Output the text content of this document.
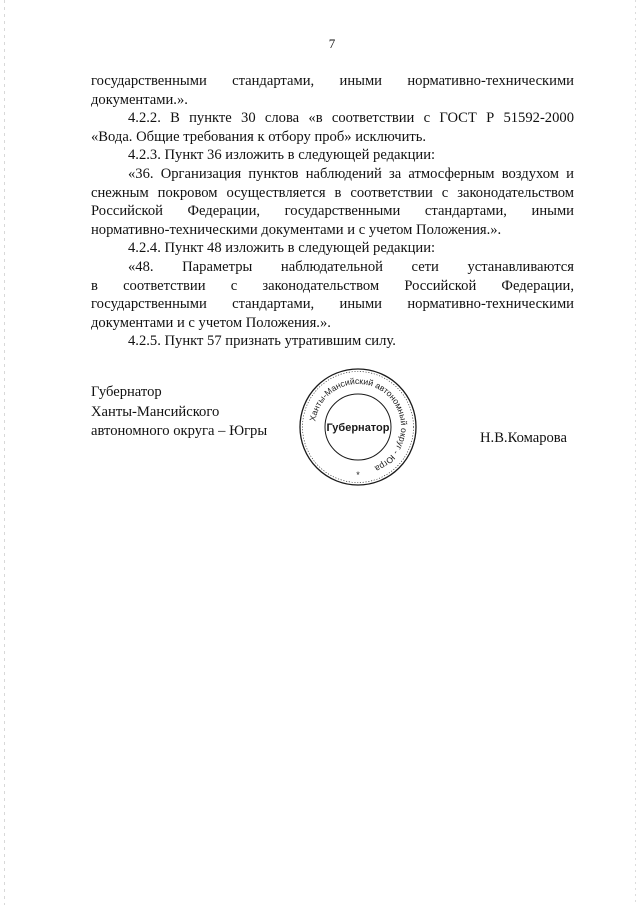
7
государственными стандартами, иными нормативно-техническими
документами.».
4.2.2. В пункте 30 слова «в соответствии с ГОСТ Р 51592-2000
«Вода. Общие требования к отбору проб» исключить.
4.2.3. Пункт 36 изложить в следующей редакции:
«36. Организация пунктов наблюдений за атмосферным воздухом и
снежным покровом осуществляется в соответствии с законодательством
Российской Федерации, государственными стандартами, иными
нормативно-техническими документами и с учетом Положения.».
4.2.4. Пункт 48 изложить в следующей редакции:
«48. Параметры наблюдательной сети устанавливаются
в соответствии с законодательством Российской Федерации,
государственными стандартами, иными нормативно-техническими
документами и с учетом Положения.».
4.2.5. Пункт 57 признать утратившим силу.
Губернатор
Ханты-Мансийского
автономного округа – Югры
Ханты-Мансийский автономный округ - Югра
Губернатор
*
Н.В.Комарова
